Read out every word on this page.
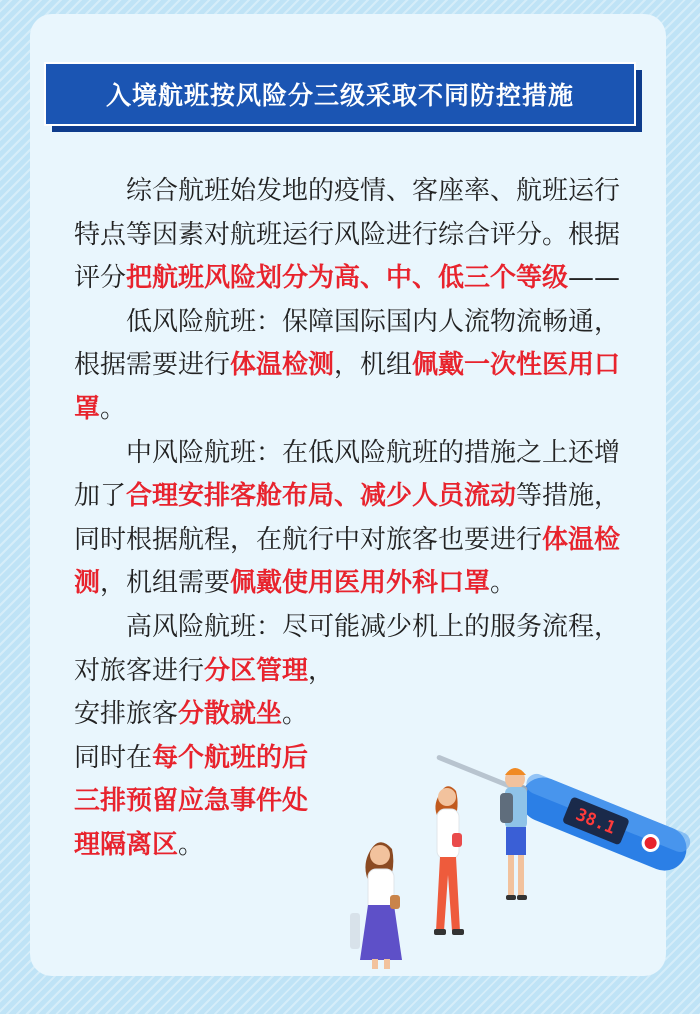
入境航班按风险分三级采取不同防控措施

综合航班始发地的疫情、客座率、航班运行特点等因素对航班运行风险进行综合评分。根据评分把航班风险划分为高、中、低三个等级——

低风险航班：保障国际国内人流物流畅通，根据需要进行体温检测，机组佩戴一次性医用口罩。

中风险航班：在低风险航班的措施之上还增加了合理安排客舱布局、减少人员流动等措施，同时根据航程，在航行中对旅客也要进行体温检测，机组需要佩戴使用医用外科口罩。

高风险航班：尽可能减少机上的服务流程，对旅客进行分区管理，

安排旅客分散就坐。

同时在每个航班的后

三排预留应急事件处

理隔离区。

38.1
